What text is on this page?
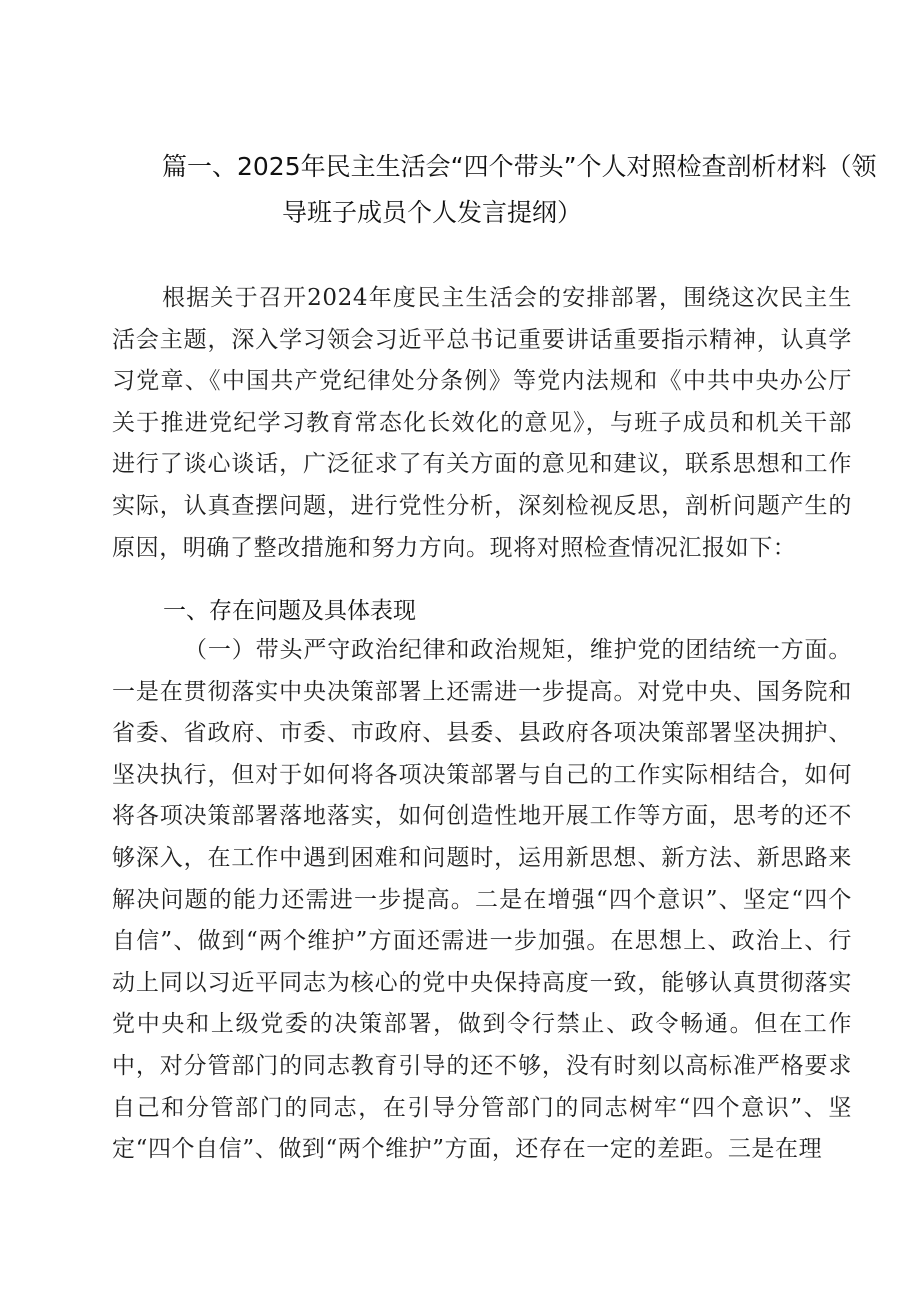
篇一、2025年民主生活会“四个带头”个人对照检查剖析材料（领
导班子成员个人发言提纲）
根据关于召开2024年度民主生活会的安排部署，围绕这次民主生活会主题，深入学习领会习近平总书记重要讲话重要指示精神，认真学习党章、《中国共产党纪律处分条例》等党内法规和《中共中央办公厅关于推进党纪学习教育常态化长效化的意见》，与班子成员和机关干部进行了谈心谈话，广泛征求了有关方面的意见和建议，联系思想和工作实际，认真查摆问题，进行党性分析，深刻检视反思，剖析问题产生的原因，明确了整改措施和努力方向。现将对照检查情况汇报如下：
一、存在问题及具体表现
（一）带头严守政治纪律和政治规矩，维护党的团结统一方面。一是在贯彻落实中央决策部署上还需进一步提高。对党中央、国务院和省委、省政府、市委、市政府、县委、县政府各项决策部署坚决拥护、坚决执行，但对于如何将各项决策部署与自己的工作实际相结合，如何将各项决策部署落地落实，如何创造性地开展工作等方面，思考的还不够深入，在工作中遇到困难和问题时，运用新思想、新方法、新思路来解决问题的能力还需进一步提高。二是在增强“四个意识”、坚定“四个自信”、做到“两个维护”方面还需进一步加强。在思想上、政治上、行动上同以习近平同志为核心的党中央保持高度一致，能够认真贯彻落实党中央和上级党委的决策部署，做到令行禁止、政令畅通。但在工作中，对分管部门的同志教育引导的还不够，没有时刻以高标准严格要求自己和分管部门的同志，在引导分管部门的同志树牢“四个意识”、坚定“四个自信”、做到“两个维护”方面，还存在一定的差距。三是在理
